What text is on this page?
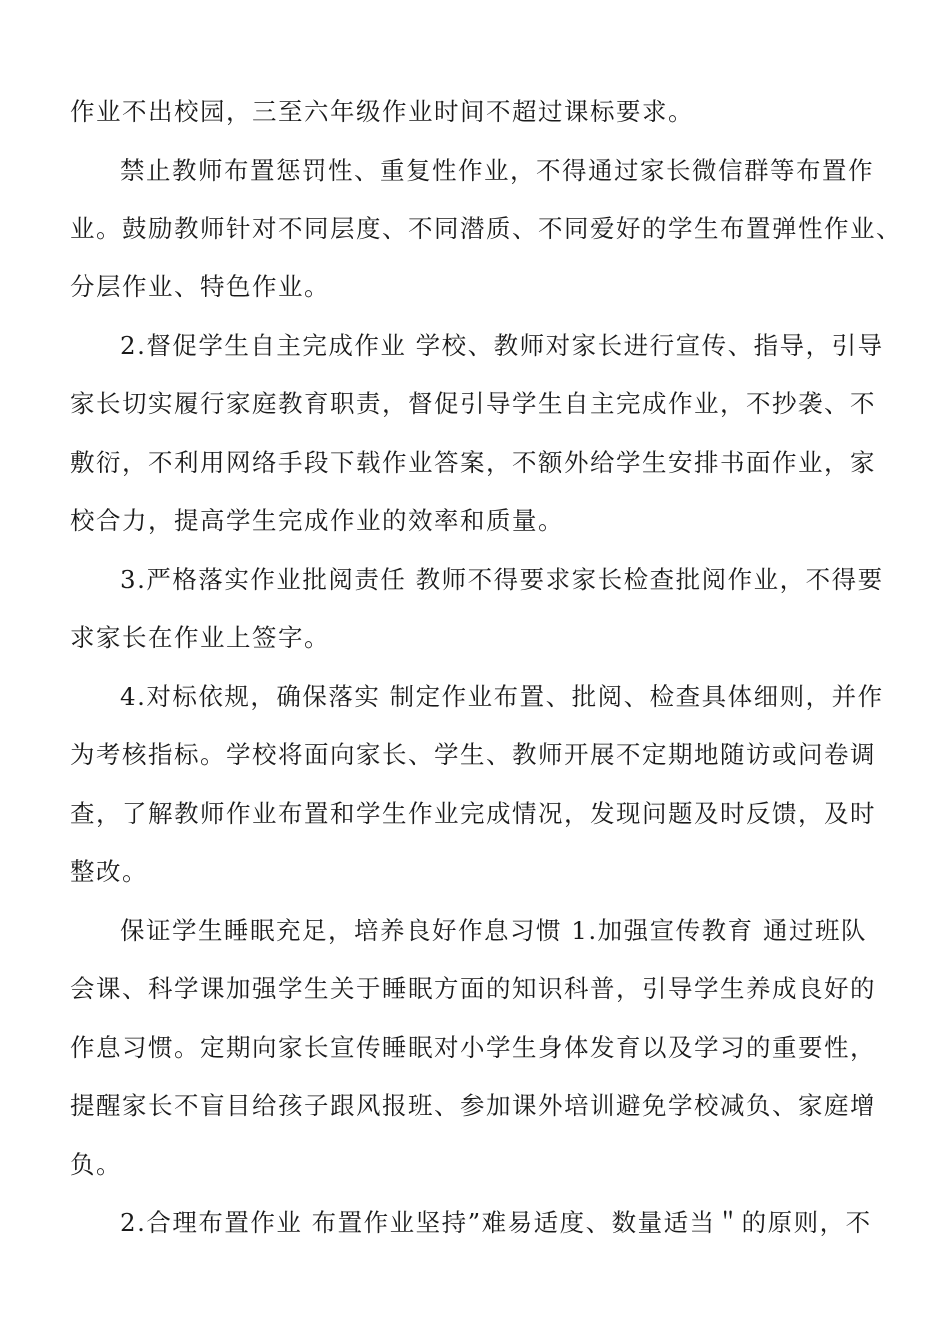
作业不出校园，三至六年级作业时间不超过课标要求。
禁止教师布置惩罚性、重复性作业，不得通过家长微信群等布置作
业。鼓励教师针对不同层度、不同潜质、不同爱好的学生布置弹性作业、
分层作业、特色作业。
2.督促学生自主完成作业 学校、教师对家长进行宣传、指导，引导
家长切实履行家庭教育职责，督促引导学生自主完成作业，不抄袭、不
敷衍，不利用网络手段下载作业答案，不额外给学生安排书面作业，家
校合力，提高学生完成作业的效率和质量。
3.严格落实作业批阅责任 教师不得要求家长检查批阅作业，不得要
求家长在作业上签字。
4.对标依规，确保落实 制定作业布置、批阅、检查具体细则，并作
为考核指标。学校将面向家长、学生、教师开展不定期地随访或问卷调
查，了解教师作业布置和学生作业完成情况，发现问题及时反馈，及时
整改。
保证学生睡眠充足，培养良好作息习惯 1.加强宣传教育 通过班队
会课、科学课加强学生关于睡眠方面的知识科普，引导学生养成良好的
作息习惯。定期向家长宣传睡眠对小学生身体发育以及学习的重要性，
提醒家长不盲目给孩子跟风报班、参加课外培训避免学校减负、家庭增
负。
2.合理布置作业 布置作业坚持”难易适度、数量适当＂的原则，不
